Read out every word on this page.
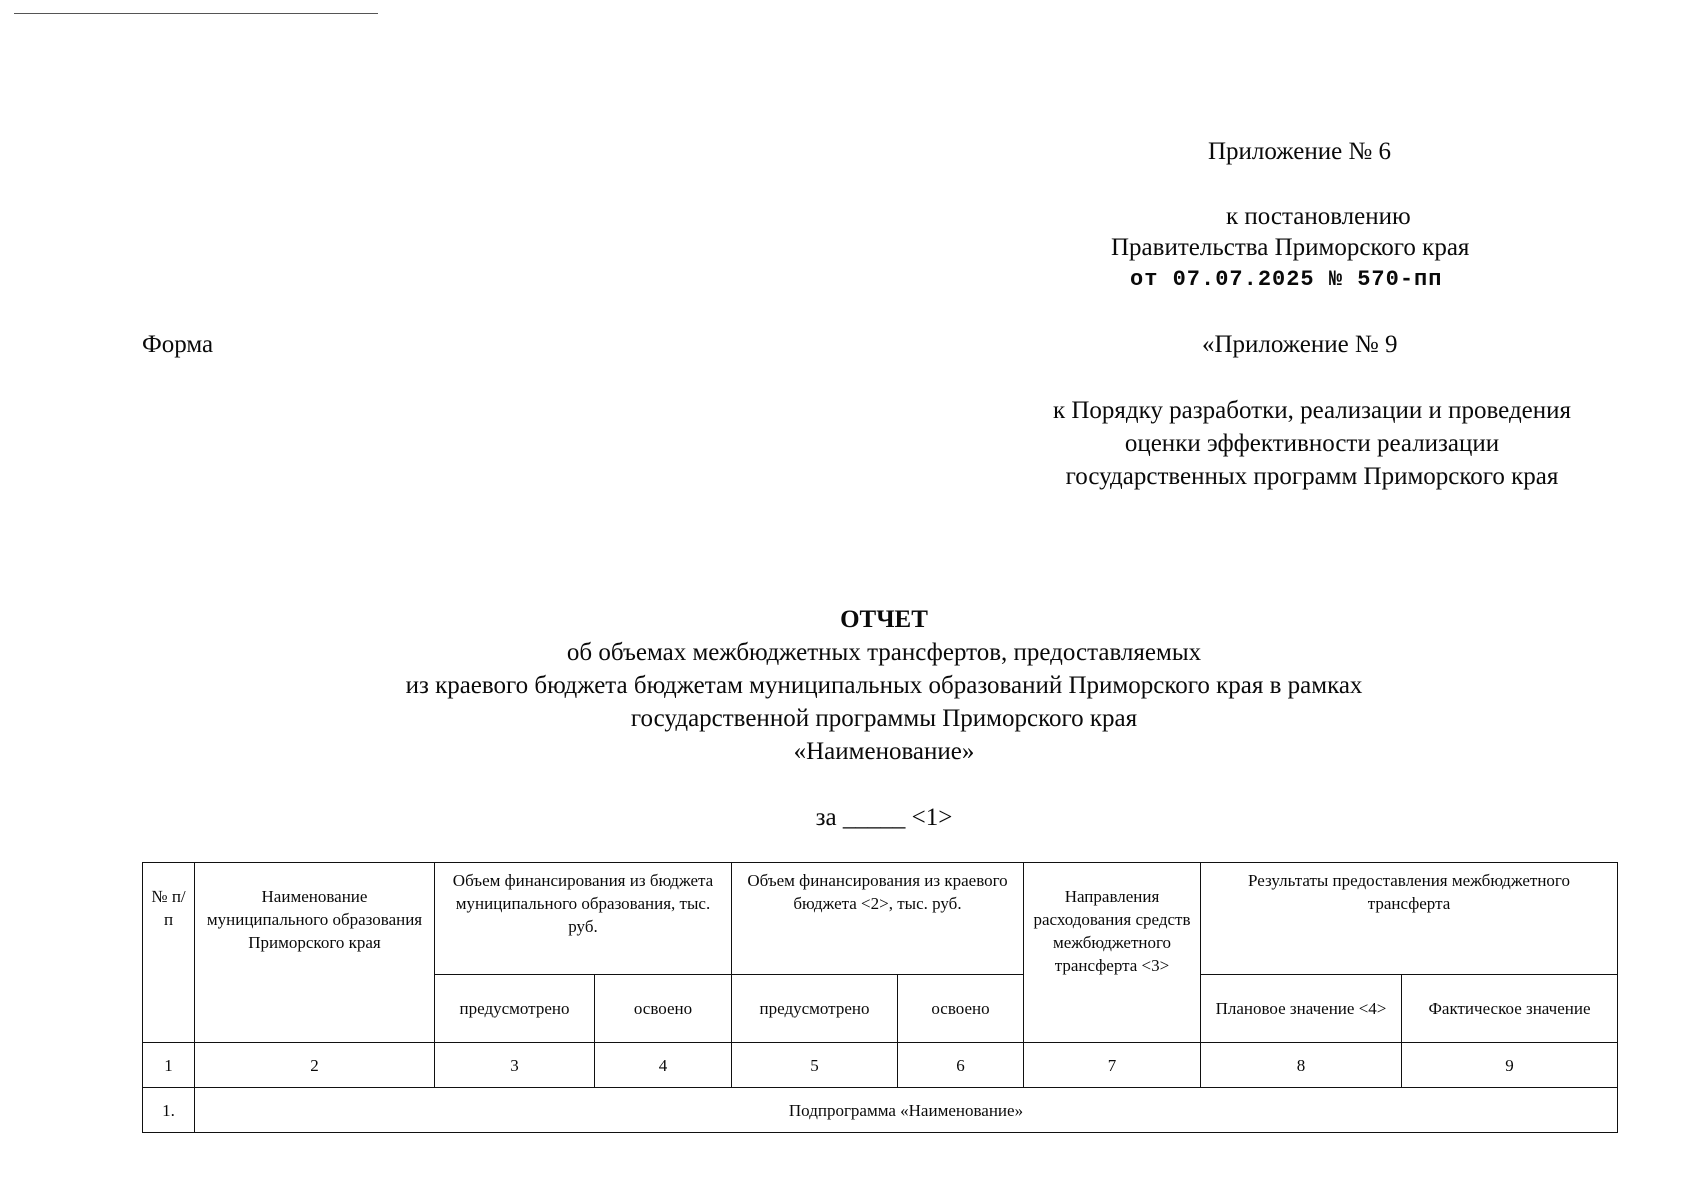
Приложение № 6
к постановлению
Правительства Приморского края
от 07.07.2025 № 570-пп
Форма	«Приложение № 9
к Порядку разработки, реализации и проведения
оценки эффективности реализации
государственных программ Приморского края
ОТЧЕТ
об объемах межбюджетных трансфертов, предоставляемых
из краевого бюджета бюджетам муниципальных образований Приморского края в рамках
государственной программы Приморского края
«Наименование»
за _____ <1>
№ п/п	Наименование муниципального образования Приморского края	Объем финансирования из бюджета муниципального образования, тыс. руб.		Объем финансирования из краевого бюджета <2>, тыс. руб.		Направления расходования средств межбюджетного трансферта <3>	Результаты предоставления межбюджетного трансферта	
		предусмотрено	освоено	предусмотрено	освоено		Плановое значение <4>	Фактическое значение
1	2	3	4	5	6	7	8	9
1.	Подпрограмма «Наименование»							
